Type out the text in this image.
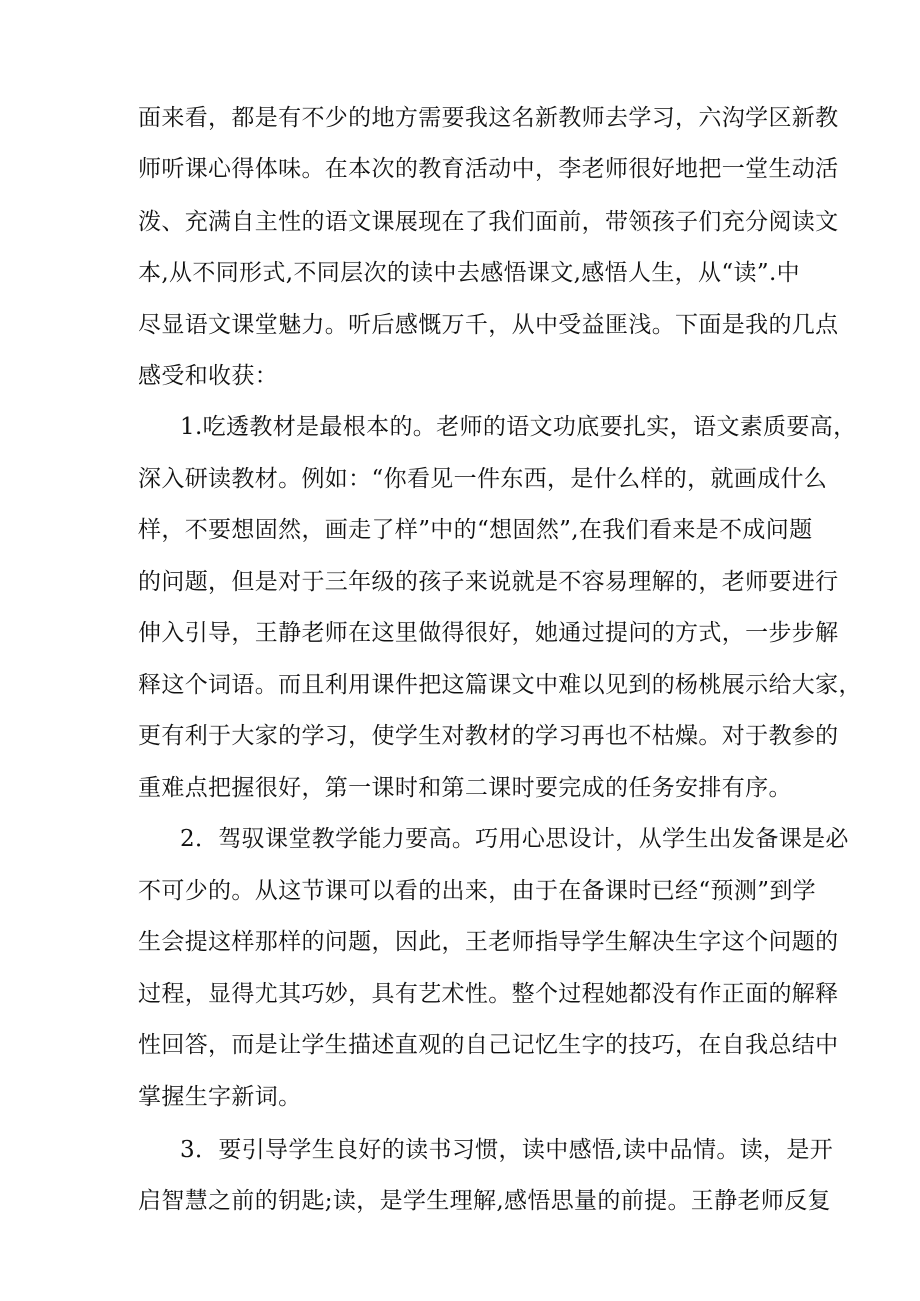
面来看，都是有不少的地方需要我这名新教师去学习，六沟学区新教
师听课心得体味。在本次的教育活动中，李老师很好地把一堂生动活
泼、充满自主性的语文课展现在了我们面前，带领孩子们充分阅读文
本,从不同形式,不同层次的读中去感悟课文,感悟人生，从“读”.中
尽显语文课堂魅力。听后感慨万千，从中受益匪浅。下面是我的几点
感受和收获：
1.吃透教材是最根本的。老师的语文功底要扎实，语文素质要高，
深入研读教材。例如：“你看见一件东西，是什么样的，就画成什么
样，不要想固然，画走了样”中的“想固然”,在我们看来是不成问题
的问题，但是对于三年级的孩子来说就是不容易理解的，老师要进行
伸入引导，王静老师在这里做得很好，她通过提问的方式，一步步解
释这个词语。而且利用课件把这篇课文中难以见到的杨桃展示给大家，
更有利于大家的学习，使学生对教材的学习再也不枯燥。对于教参的
重难点把握很好，第一课时和第二课时要完成的任务安排有序。
2．驾驭课堂教学能力要高。巧用心思设计，从学生出发备课是必
不可少的。从这节课可以看的出来，由于在备课时已经“预测”到学
生会提这样那样的问题，因此，王老师指导学生解决生字这个问题的
过程，显得尤其巧妙，具有艺术性。整个过程她都没有作正面的解释
性回答，而是让学生描述直观的自己记忆生字的技巧，在自我总结中
掌握生字新词。
3．要引导学生良好的读书习惯，读中感悟,读中品情。读，是开
启智慧之前的钥匙;读，是学生理解,感悟思量的前提。王静老师反复
